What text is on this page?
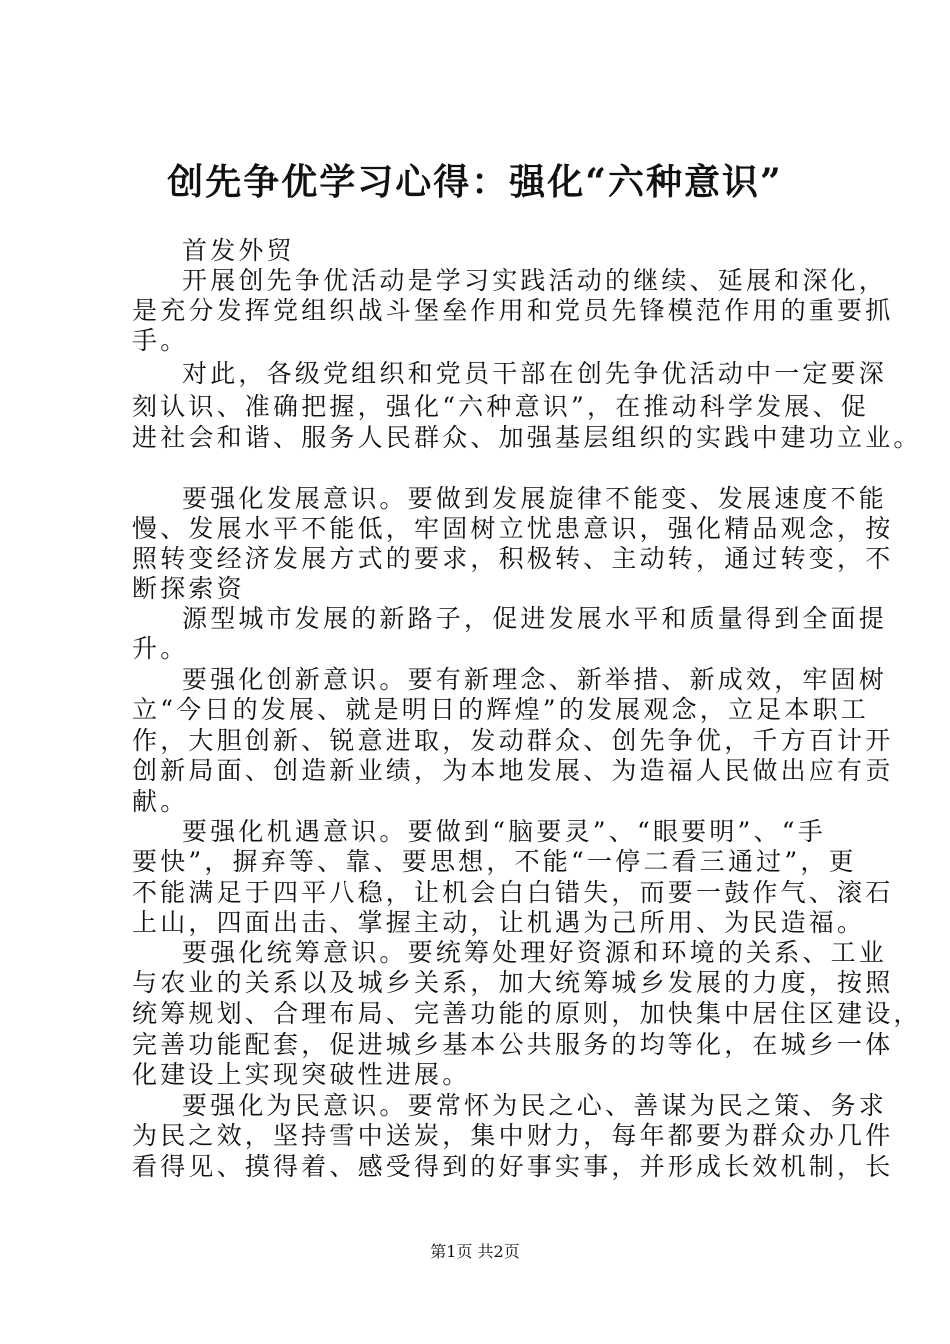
创先争优学习心得：强化“六种意识”
首发外贸
开展创先争优活动是学习实践活动的继续、延展和深化，
是充分发挥党组织战斗堡垒作用和党员先锋模范作用的重要抓
手。
对此，各级党组织和党员干部在创先争优活动中一定要深
刻认识、准确把握，强化“六种意识”，在推动科学发展、促
进社会和谐、服务人民群众、加强基层组织的实践中建功立业。
要强化发展意识。要做到发展旋律不能变、发展速度不能
慢、发展水平不能低，牢固树立忧患意识，强化精品观念，按
照转变经济发展方式的要求，积极转、主动转，通过转变，不
断探索资
源型城市发展的新路子，促进发展水平和质量得到全面提
升。
要强化创新意识。要有新理念、新举措、新成效，牢固树
立“今日的发展、就是明日的辉煌”的发展观念，立足本职工
作，大胆创新、锐意进取，发动群众、创先争优，千方百计开
创新局面、创造新业绩，为本地发展、为造福人民做出应有贡
献。
要强化机遇意识。要做到“脑要灵”、“眼要明”、“手
要快”，摒弃等、靠、要思想，不能“一停二看三通过”，更
不能满足于四平八稳，让机会白白错失，而要一鼓作气、滚石
上山，四面出击、掌握主动，让机遇为己所用、为民造福。
要强化统筹意识。要统筹处理好资源和环境的关系、工业
与农业的关系以及城乡关系，加大统筹城乡发展的力度，按照
统筹规划、合理布局、完善功能的原则，加快集中居住区建设，
完善功能配套，促进城乡基本公共服务的均等化，在城乡一体
化建设上实现突破性进展。
要强化为民意识。要常怀为民之心、善谋为民之策、务求
为民之效，坚持雪中送炭，集中财力，每年都要为群众办几件
看得见、摸得着、感受得到的好事实事，并形成长效机制，长
第1页 共2页
